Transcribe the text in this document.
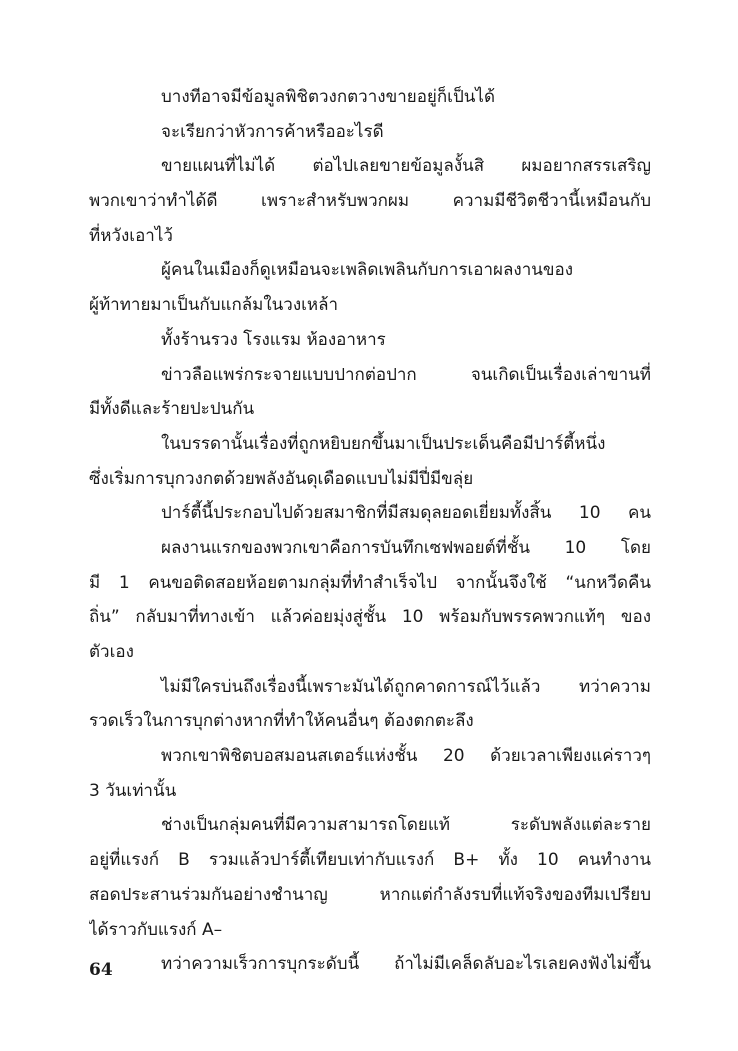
บางทีอาจมีข้อมูลพิชิตวงกตวางขายอยู่ก็เป็นได้
จะเรียกว่าหัวการค้าหรืออะไรดี
ขายแผนที่ไม่ได้ ต่อไปเลยขายข้อมูลงั้นสิ ผมอยากสรรเสริญ
พวกเขาว่าทำได้ดี เพราะสำหรับพวกผม ความมีชีวิตชีวานี้เหมือนกับ
ที่หวังเอาไว้
ผู้คนในเมืองก็ดูเหมือนจะเพลิดเพลินกับการเอาผลงานของ
ผู้ท้าทายมาเป็นกับแกล้มในวงเหล้า
ทั้งร้านรวง โรงแรม ห้องอาหาร
ข่าวลือแพร่กระจายแบบปากต่อปาก จนเกิดเป็นเรื่องเล่าขานที่
มีทั้งดีและร้ายปะปนกัน
ในบรรดานั้นเรื่องที่ถูกหยิบยกขึ้นมาเป็นประเด็นคือมีปาร์ตี้หนึ่ง
ซึ่งเริ่มการบุกวงกตด้วยพลังอันดุเดือดแบบไม่มีปี่มีขลุ่ย
ปาร์ตี้นี้ประกอบไปด้วยสมาชิกที่มีสมดุลยอดเยี่ยมทั้งสิ้น 10 คน
ผลงานแรกของพวกเขาคือการบันทึกเซฟพอยต์ที่ชั้น 10 โดย
มี 1 คนขอติดสอยห้อยตามกลุ่มที่ทำสำเร็จไป จากนั้นจึงใช้ “นกหวีดคืน
ถิ่น” กลับมาที่ทางเข้า แล้วค่อยมุ่งสู่ชั้น 10 พร้อมกับพรรคพวกแท้ๆ ของ
ตัวเอง
ไม่มีใครบ่นถึงเรื่องนี้เพราะมันได้ถูกคาดการณ์ไว้แล้ว ทว่าความ
รวดเร็วในการบุกต่างหากที่ทำให้คนอื่นๆ ต้องตกตะลึง
พวกเขาพิชิตบอสมอนสเตอร์แห่งชั้น 20 ด้วยเวลาเพียงแค่ราวๆ
3 วันเท่านั้น
ช่างเป็นกลุ่มคนที่มีความสามารถโดยแท้ ระดับพลังแต่ละราย
อยู่ที่แรงก์ B รวมแล้วปาร์ตี้เทียบเท่ากับแรงก์ B+ ทั้ง 10 คนทำงาน
สอดประสานร่วมกันอย่างชำนาญ หากแต่กำลังรบที่แท้จริงของทีมเปรียบ
ได้ราวกับแรงก์ A–
ทว่าความเร็วการบุกระดับนี้ ถ้าไม่มีเคล็ดลับอะไรเลยคงฟังไม่ขึ้น
64
